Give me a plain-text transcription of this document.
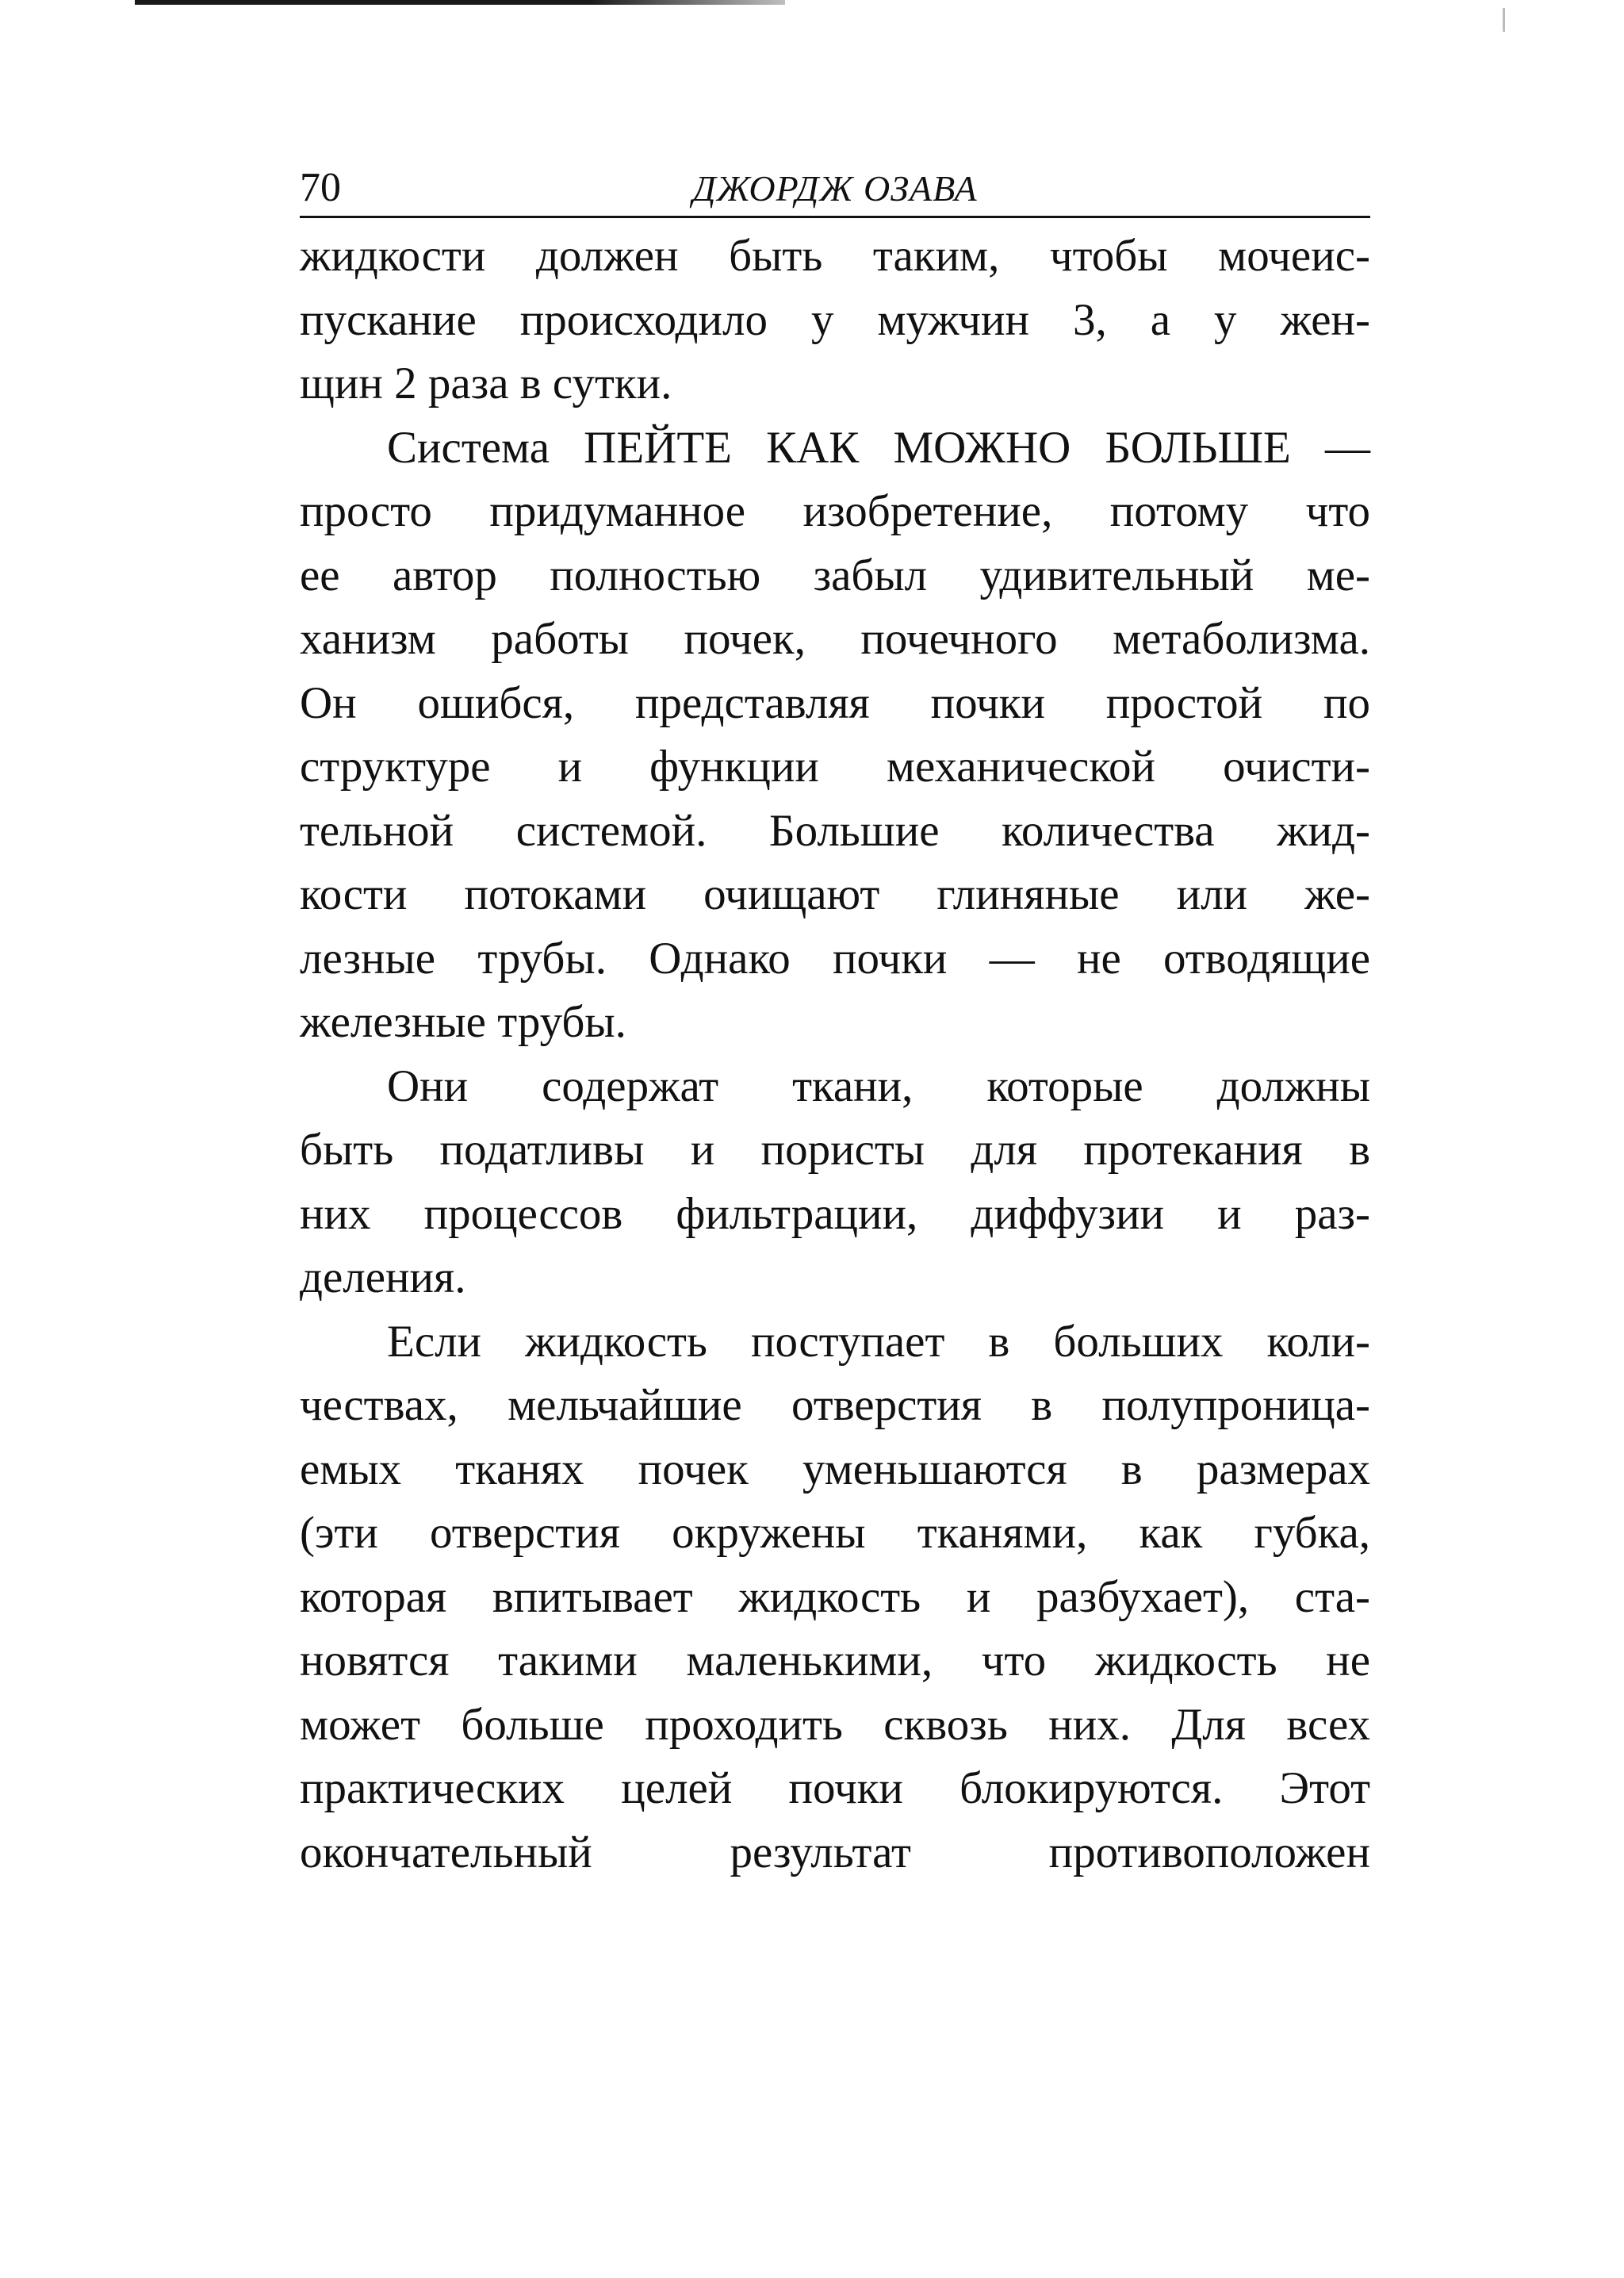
70	ДЖОРДЖ ОЗАВА

жидкости должен быть таким, чтобы мочеис-
пускание происходило у мужчин 3, а у жен-
щин 2 раза в сутки.

Система ПЕЙТЕ КАК МОЖНО БОЛЬШЕ —
просто придуманное изобретение, потому что
ее автор полностью забыл удивительный ме-
ханизм работы почек, почечного метаболизма.
Он ошибся, представляя почки простой по
структуре и функции механической очисти-
тельной системой. Большие количества жид-
кости потоками очищают глиняные или же-
лезные трубы. Однако почки — не отводящие
железные трубы.

Они содержат ткани, которые должны
быть податливы и пористы для протекания в
них процессов фильтрации, диффузии и раз-
деления.

Если жидкость поступает в больших коли-
чествах, мельчайшие отверстия в полупроница-
емых тканях почек уменьшаются в размерах
(эти отверстия окружены тканями, как губка,
которая впитывает жидкость и разбухает), ста-
новятся такими маленькими, что жидкость не
может больше проходить сквозь них. Для всех
практических целей почки блокируются. Этот
окончательный результат противоположен
